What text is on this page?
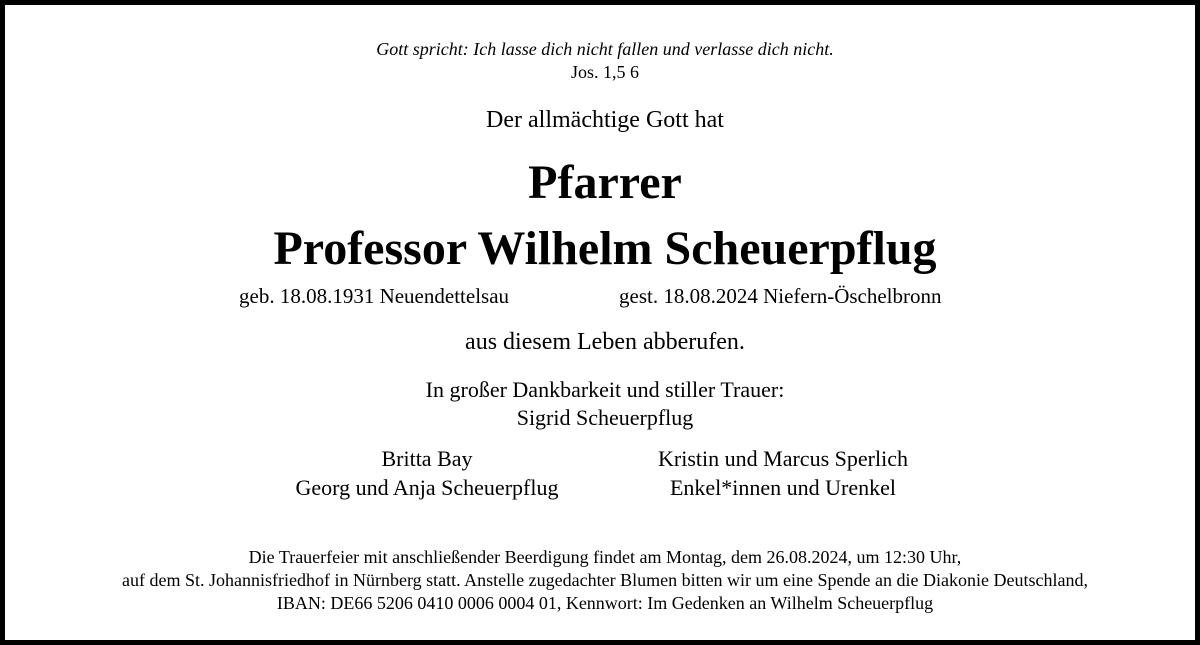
Gott spricht: Ich lasse dich nicht fallen und verlasse dich nicht.
Jos. 1,5 6
Der allmächtige Gott hat
Pfarrer
Professor Wilhelm Scheuerpflug
geb. 18.08.1931 Neuendettelsau	gest. 18.08.2024 Niefern-Öschelbronn
aus diesem Leben abberufen.
In großer Dankbarkeit und stiller Trauer:
Sigrid Scheuerpflug
Britta Bay
Georg und Anja Scheuerpflug
Kristin und Marcus Sperlich
Enkel*innen und Urenkel
Die Trauerfeier mit anschließender Beerdigung findet am Montag, dem 26.08.2024, um 12:30 Uhr,
auf dem St. Johannisfriedhof in Nürnberg statt. Anstelle zugedachter Blumen bitten wir um eine Spende an die Diakonie Deutschland,
IBAN: DE66 5206 0410 0006 0004 01, Kennwort: Im Gedenken an Wilhelm Scheuerpflug
